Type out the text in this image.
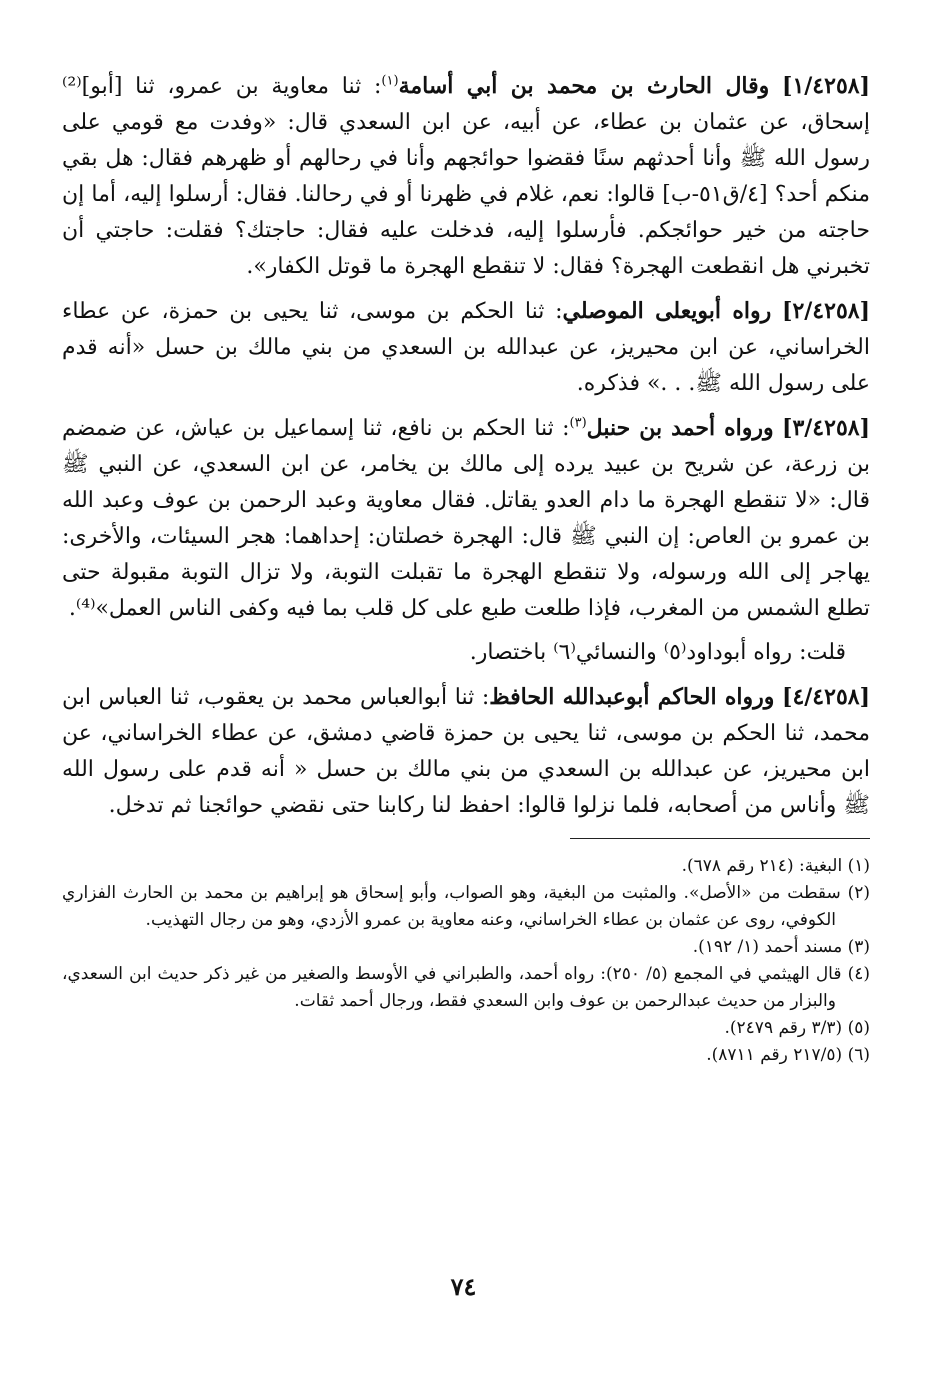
[١/٤٢٥٨] وقال الحارث بن محمد بن أبي أسامة$^{(١)}$: ثنا معاوية بن عمرو، ثنا [أبو]⁽²⁾ إسحاق، عن عثمان بن عطاء، عن أبيه، عن ابن السعدي قال: «وفدت مع قومي على رسول الله ﷺ وأنا أحدثهم سنًا فقضوا حوائجهم وأنا في رحالهم أو ظهرهم فقال: هل بقي منكم أحد؟ [٤/ق٥١-ب] قالوا: نعم، غلام في ظهرنا أو في رحالنا. فقال: أرسلوا إليه، أما إن حاجته من خير حوائجكم. فأرسلوا إليه، فدخلت عليه فقال: حاجتك؟ فقلت: حاجتي أن تخبرني هل انقطعت الهجرة؟ فقال: لا تنقطع الهجرة ما قوتل الكفار».

[٢/٤٢٥٨] رواه أبويعلى الموصلي: ثنا الحكم بن موسى، ثنا يحيى بن حمزة، عن عطاء الخراساني، عن ابن محيريز، عن عبدالله بن السعدي من بني مالك بن حسل «أنه قدم على رسول الله ﷺ. . .» فذكره.

[٣/٤٢٥٨] ورواه أحمد بن حنبل$^{(٣)}$: ثنا الحكم بن نافع، ثنا إسماعيل بن عياش، عن ضمضم بن زرعة، عن شريح بن عبيد يرده إلى مالك بن يخامر، عن ابن السعدي، عن النبي ﷺ قال: «لا تنقطع الهجرة ما دام العدو يقاتل. فقال معاوية وعبد الرحمن بن عوف وعبد الله بن عمرو بن العاص: إن النبي ﷺ قال: الهجرة خصلتان: إحداهما: هجر السيئات، والأخرى: يهاجر إلى الله ورسوله، ولا تنقطع الهجرة ما تقبلت التوبة، ولا تزال التوبة مقبولة حتى تطلع الشمس من المغرب، فإذا طلعت طبع على كل قلب بما فيه وكفى الناس العمل»⁽⁴⁾.

قلت: رواه أبوداود⁽٥⁾ والنسائي⁽٦⁾ باختصار.

[٤/٤٢٥٨] ورواه الحاكم أبوعبدالله الحافظ: ثنا أبوالعباس محمد بن يعقوب، ثنا العباس ابن محمد، ثنا الحكم بن موسى، ثنا يحيى بن حمزة قاضي دمشق، عن عطاء الخراساني، عن ابن محيريز، عن عبدالله بن السعدي من بني مالك بن حسل « أنه قدم على رسول الله ﷺ وأناس من أصحابه، فلما نزلوا قالوا: احفظ لنا ركابنا حتى نقضي حوائجنا ثم تدخل.

(١) البغية: (٢١٤ رقم ٦٧٨).

(٢) سقطت من «الأصل». والمثبت من البغية، وهو الصواب، وأبو إسحاق هو إبراهيم بن محمد بن الحارث الفزاري الكوفي، روى عن عثمان بن عطاء الخراساني، وعنه معاوية بن عمرو الأزدي، وهو من رجال التهذيب.

(٣) مسند أحمد (١/ ١٩٢).

(٤) قال الهيثمي في المجمع (٥/ ٢٥٠): رواه أحمد، والطبراني في الأوسط والصغير من غير ذكر حديث ابن السعدي، والبزار من حديث عبدالرحمن بن عوف وابن السعدي فقط، ورجال أحمد ثقات.

(٥) (٣/٣ رقم ٢٤٧٩).

(٦) (٢١٧/٥ رقم ٨٧١١).

٧٤
